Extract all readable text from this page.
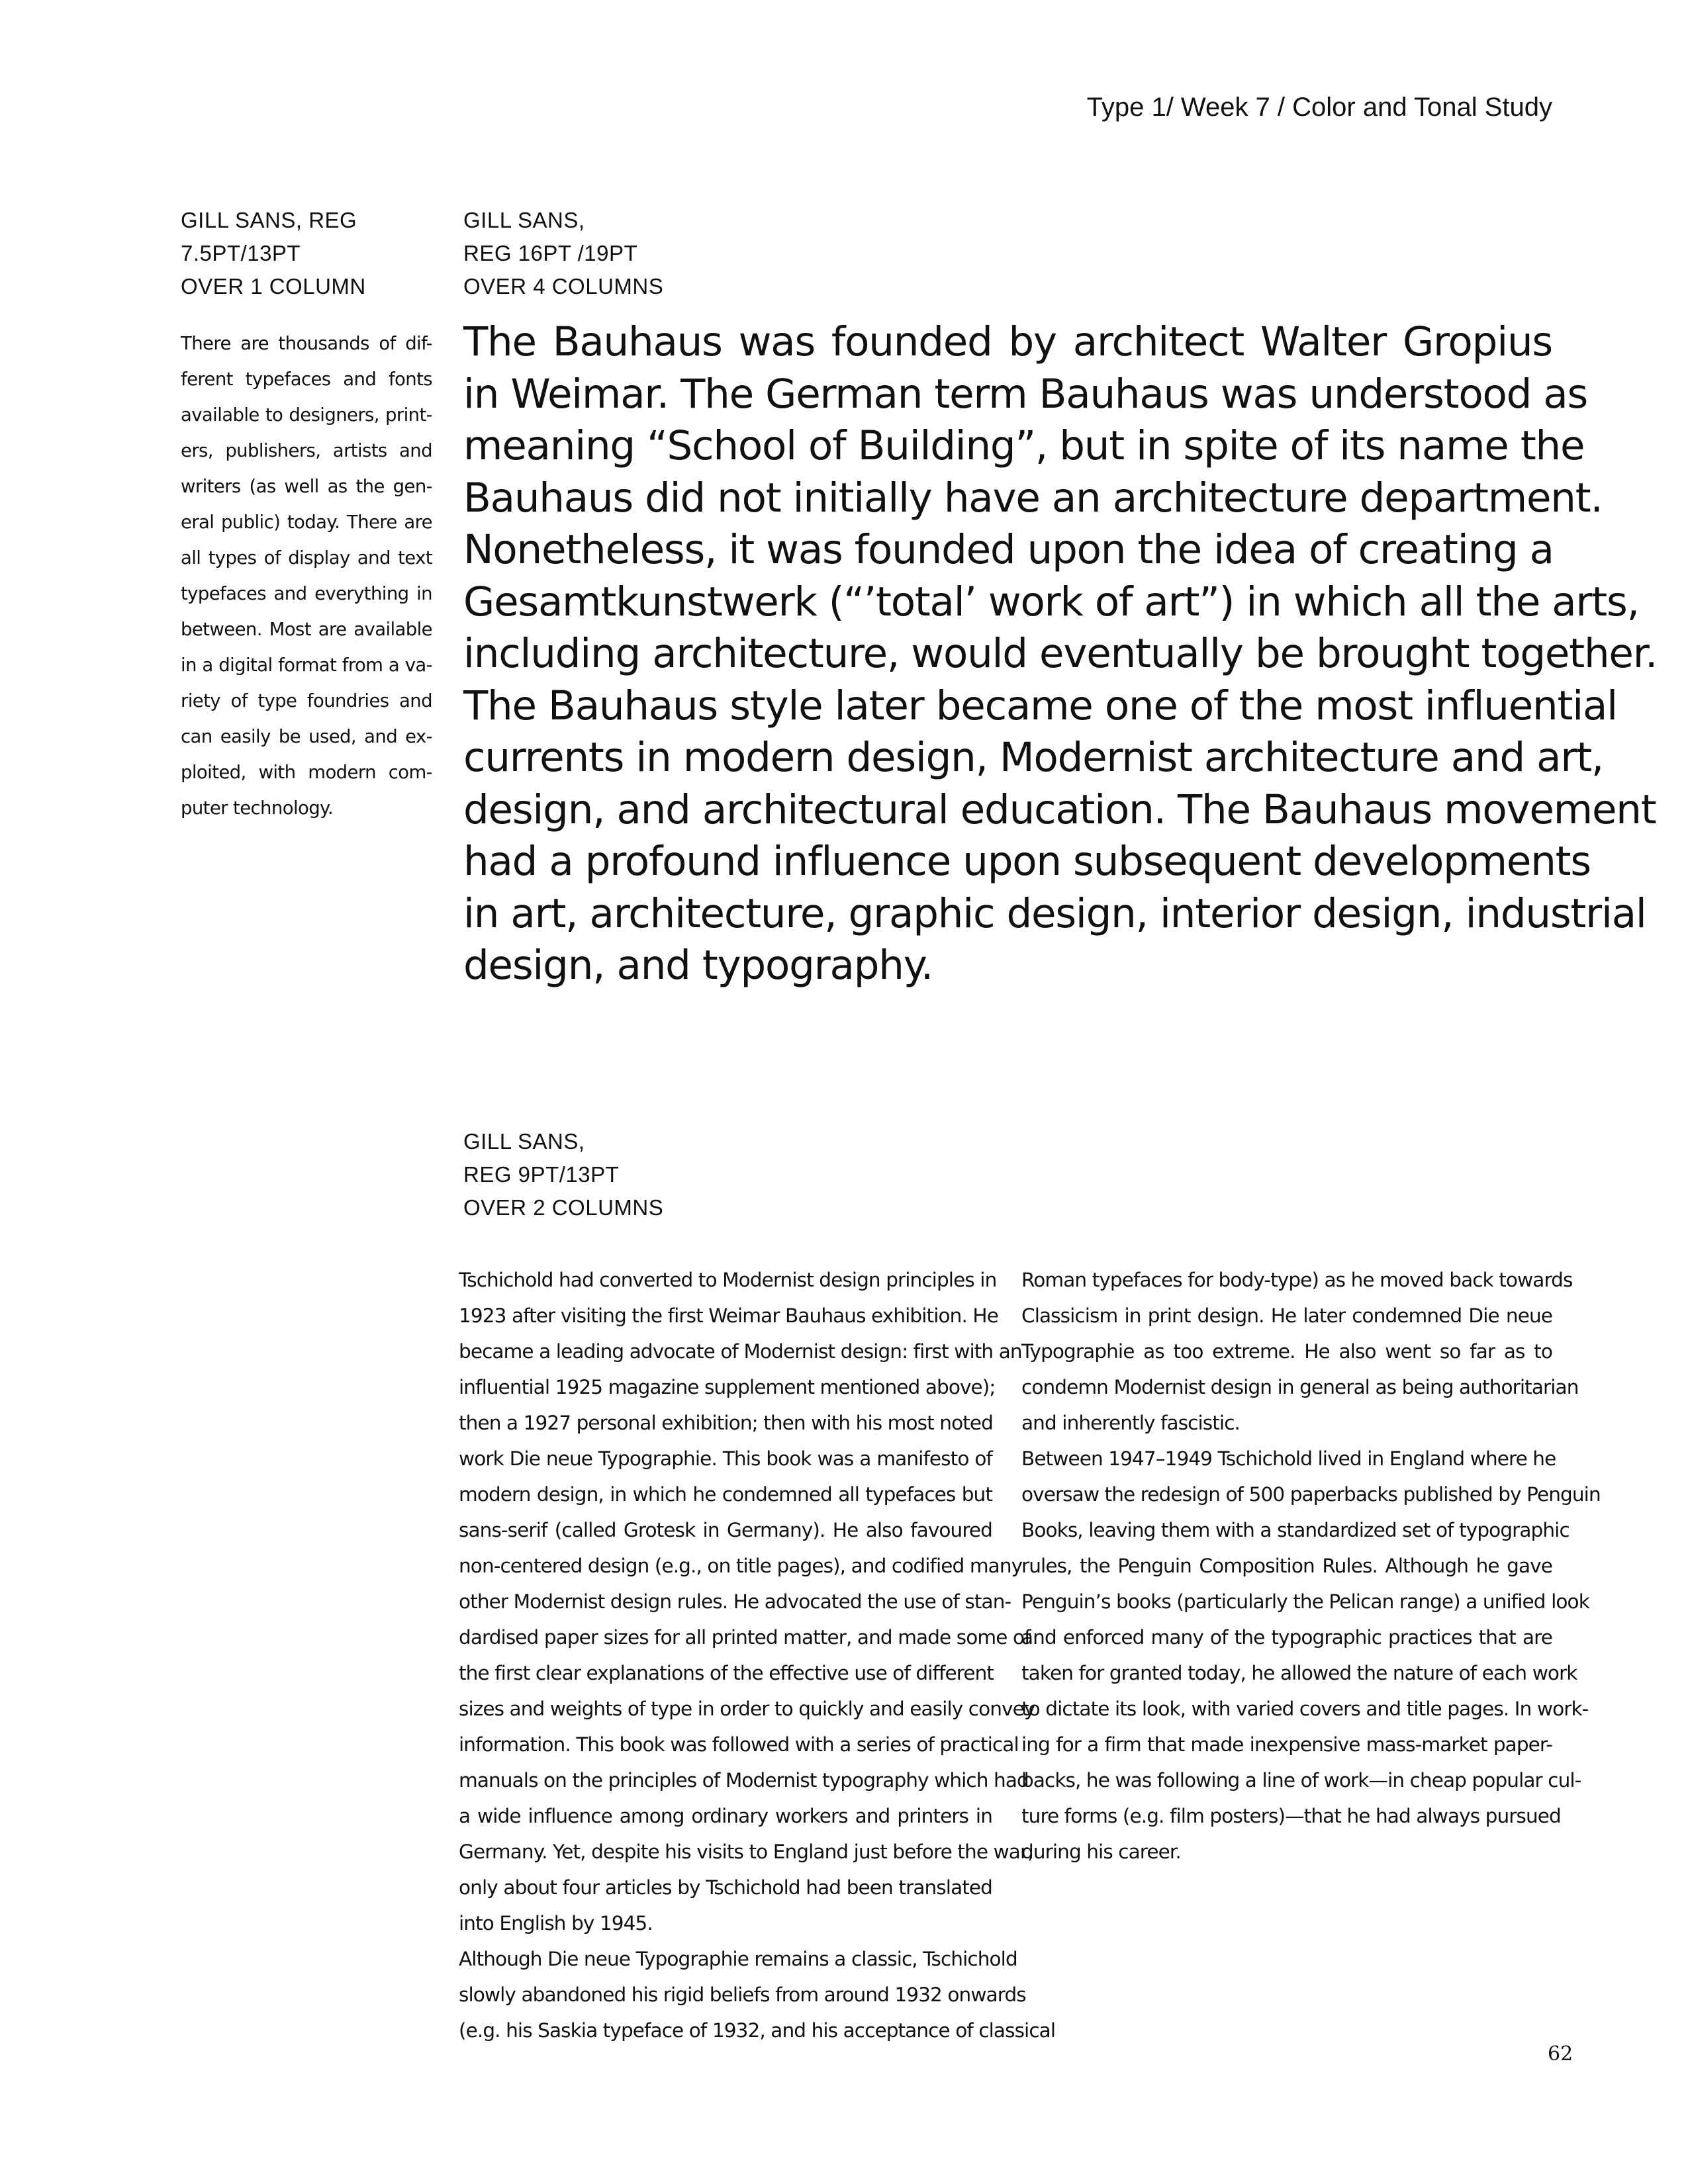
Type 1/ Week 7 / Color and Tonal Study
GILL SANS, REG
7.5PT/13PT
OVER 1 COLUMN
GILL SANS,
REG 16PT /19PT
OVER 4 COLUMNS
There are thousands of dif-
ferent typefaces and fonts
available to designers, print-
ers, publishers, artists and
writers (as well as the gen-
eral public) today. There are
all types of display and text
typefaces and everything in
between. Most are available
in a digital format from a va-
riety of type foundries and
can easily be used, and ex-
ploited, with modern com-
puter technology.
The Bauhaus was founded by architect Walter Gropius
in Weimar. The German term Bauhaus was understood as
meaning “School of Building”, but in spite of its name the
Bauhaus did not initially have an architecture department.
Nonetheless, it was founded upon the idea of creating a
Gesamtkunstwerk (“’total’ work of art”) in which all the arts,
including architecture, would eventually be brought together.
The Bauhaus style later became one of the most influential
currents in modern design, Modernist architecture and art,
design, and architectural education. The Bauhaus movement
had a profound influence upon subsequent developments
in art, architecture, graphic design, interior design, industrial
design, and typography.
GILL SANS,
REG 9PT/13PT
OVER 2 COLUMNS
Tschichold had converted to Modernist design principles in
1923 after visiting the first Weimar Bauhaus exhibition. He
became a leading advocate of Modernist design: first with an
influential 1925 magazine supplement mentioned above);
then a 1927 personal exhibition; then with his most noted
work Die neue Typographie. This book was a manifesto of
modern design, in which he condemned all typefaces but
sans-serif (called Grotesk in Germany). He also favoured
non-centered design (e.g., on title pages), and codified many
other Modernist design rules. He advocated the use of stan-
dardised paper sizes for all printed matter, and made some of
the first clear explanations of the effective use of different
sizes and weights of type in order to quickly and easily convey
information. This book was followed with a series of practical
manuals on the principles of Modernist typography which had
a wide influence among ordinary workers and printers in
Germany. Yet, despite his visits to England just before the war,
only about four articles by Tschichold had been translated
into English by 1945.
Although Die neue Typographie remains a classic, Tschichold
slowly abandoned his rigid beliefs from around 1932 onwards
(e.g. his Saskia typeface of 1932, and his acceptance of classical
Roman typefaces for body-type) as he moved back towards
Classicism in print design. He later condemned Die neue
Typographie as too extreme. He also went so far as to
condemn Modernist design in general as being authoritarian
and inherently fascistic.
Between 1947–1949 Tschichold lived in England where he
oversaw the redesign of 500 paperbacks published by Penguin
Books, leaving them with a standardized set of typographic
rules, the Penguin Composition Rules. Although he gave
Penguin’s books (particularly the Pelican range) a unified look
and enforced many of the typographic practices that are
taken for granted today, he allowed the nature of each work
to dictate its look, with varied covers and title pages. In work-
ing for a firm that made inexpensive mass-market paper-
backs, he was following a line of work—in cheap popular cul-
ture forms (e.g. film posters)—that he had always pursued
during his career.
62
